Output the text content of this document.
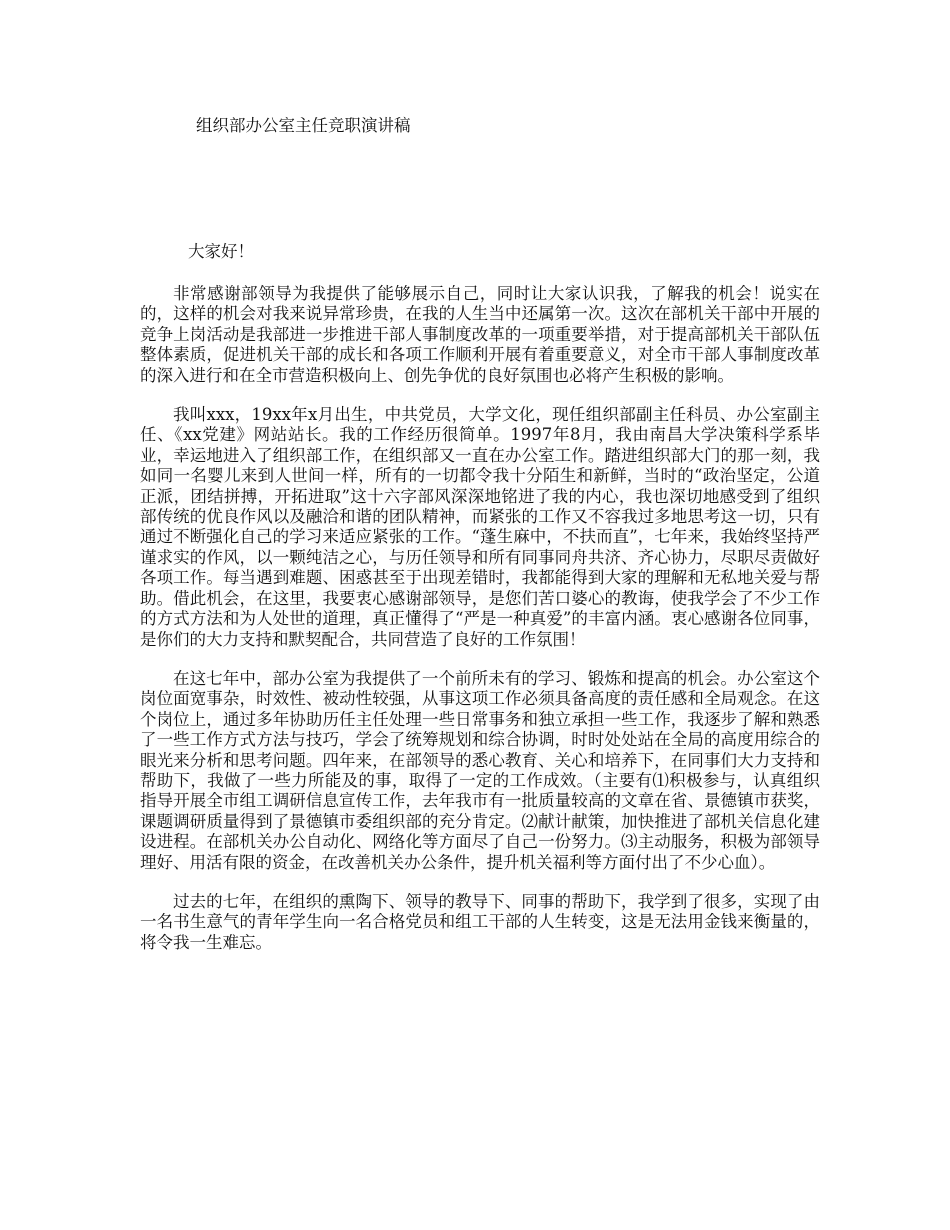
组织部办公室主任竞职演讲稿
大家好！

非常感谢部领导为我提供了能够展示自己，同时让大家认识我，了解我的机会！说实在的，这样的机会对我来说异常珍贵，在我的人生当中还属第一次。这次在部机关干部中开展的竞争上岗活动是我部进一步推进干部人事制度改革的一项重要举措，对于提高部机关干部队伍整体素质，促进机关干部的成长和各项工作顺利开展有着重要意义，对全市干部人事制度改革的深入进行和在全市营造积极向上、创先争优的良好氛围也必将产生积极的影响。

我叫xxx，19xx年x月出生，中共党员，大学文化，现任组织部副主任科员、办公室副主任、《xx党建》网站站长。我的工作经历很简单。1997年8月，我由南昌大学决策科学系毕业，幸运地进入了组织部工作，在组织部又一直在办公室工作。踏进组织部大门的那一刻，我如同一名婴儿来到人世间一样，所有的一切都令我十分陌生和新鲜，当时的“政治坚定，公道正派，团结拼搏，开拓进取”这十六字部风深深地铭进了我的内心，我也深切地感受到了组织部传统的优良作风以及融洽和谐的团队精神，而紧张的工作又不容我过多地思考这一切，只有通过不断强化自己的学习来适应紧张的工作。“蓬生麻中，不扶而直”，七年来，我始终坚持严谨求实的作风，以一颗纯洁之心，与历任领导和所有同事同舟共济、齐心协力，尽职尽责做好各项工作。每当遇到难题、困惑甚至于出现差错时，我都能得到大家的理解和无私地关爱与帮助。借此机会，在这里，我要衷心感谢部领导，是您们苦口婆心的教诲，使我学会了不少工作的方式方法和为人处世的道理，真正懂得了“严是一种真爱”的丰富内涵。衷心感谢各位同事，是你们的大力支持和默契配合，共同营造了良好的工作氛围！

在这七年中，部办公室为我提供了一个前所未有的学习、锻炼和提高的机会。办公室这个岗位面宽事杂，时效性、被动性较强，从事这项工作必须具备高度的责任感和全局观念。在这个岗位上，通过多年协助历任主任处理一些日常事务和独立承担一些工作，我逐步了解和熟悉了一些工作方式方法与技巧，学会了统筹规划和综合协调，时时处处站在全局的高度用综合的眼光来分析和思考问题。四年来，在部领导的悉心教育、关心和培养下，在同事们大力支持和帮助下，我做了一些力所能及的事，取得了一定的工作成效。（主要有⑴积极参与，认真组织指导开展全市组工调研信息宣传工作，去年我市有一批质量较高的文章在省、景德镇市获奖，课题调研质量得到了景德镇市委组织部的充分肯定。⑵献计献策，加快推进了部机关信息化建设进程。在部机关办公自动化、网络化等方面尽了自己一份努力。⑶主动服务，积极为部领导理好、用活有限的资金，在改善机关办公条件，提升机关福利等方面付出了不少心血）。

过去的七年，在组织的熏陶下、领导的教导下、同事的帮助下，我学到了很多，实现了由一名书生意气的青年学生向一名合格党员和组工干部的人生转变，这是无法用金钱来衡量的，将令我一生难忘。
